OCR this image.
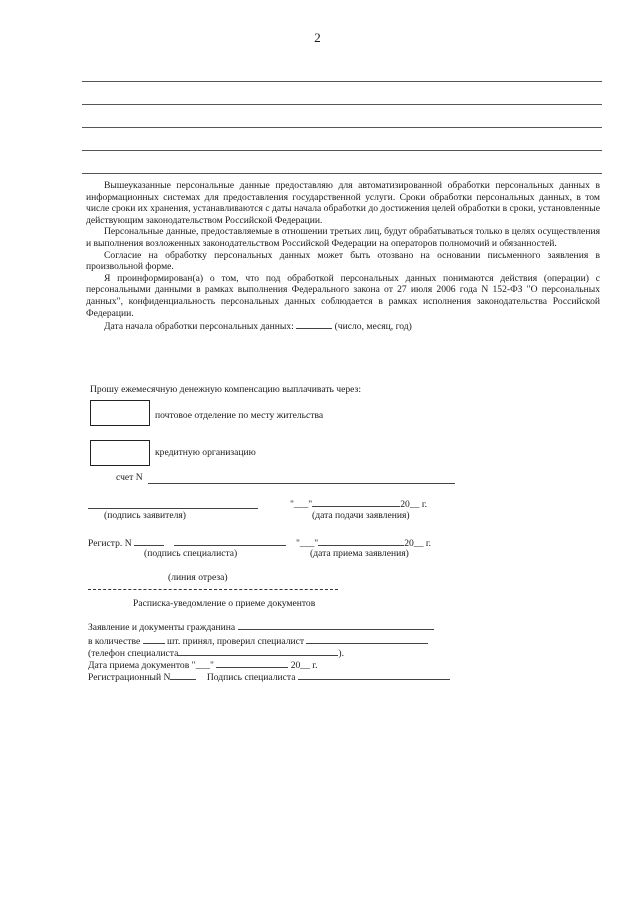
2
Вышеуказанные персональные данные предоставляю для автоматизированной обработки персональных данных в информационных системах для предоставления государственной услуги. Сроки обработки персональных данных, в том числе сроки их хранения, устанавливаются с даты начала обработки до достижения целей обработки в сроки, установленные действующим законодательством Российской Федерации.
Персональные данные, предоставляемые в отношении третьих лиц, будут обрабатываться только в целях осуществления и выполнения возложенных законодательством Российской Федерации на операторов полномочий и обязанностей.
Согласие на обработку персональных данных может быть отозвано на основании письменного заявления в произвольной форме.
Я проинформирован(а) о том, что под обработкой персональных данных понимаются действия (операции) с персональными данными в рамках выполнения Федерального закона от 27 июля 2006 года N 152-ФЗ "О персональных данных", конфиденциальность персональных данных соблюдается в рамках исполнения законодательства Российской Федерации.
Дата начала обработки персональных данных:	(число, месяц, год)
Прошу ежемесячную денежную компенсацию выплачивать через:
почтовое отделение по месту жительства
кредитную организацию
счет N
"___"	20__ г.
(подпись заявителя)	(дата подачи заявления)
Регистр. N	"___"	20__ г.
(подпись специалиста)	(дата приема заявления)
(линия отреза)
Расписка-уведомление о приеме документов
Заявление и документы гражданина
в количестве	шт. принял, проверил специалист
(телефон специалиста	).
Дата приема документов "___"	20__ г.
Регистрационный N	Подпись специалиста
